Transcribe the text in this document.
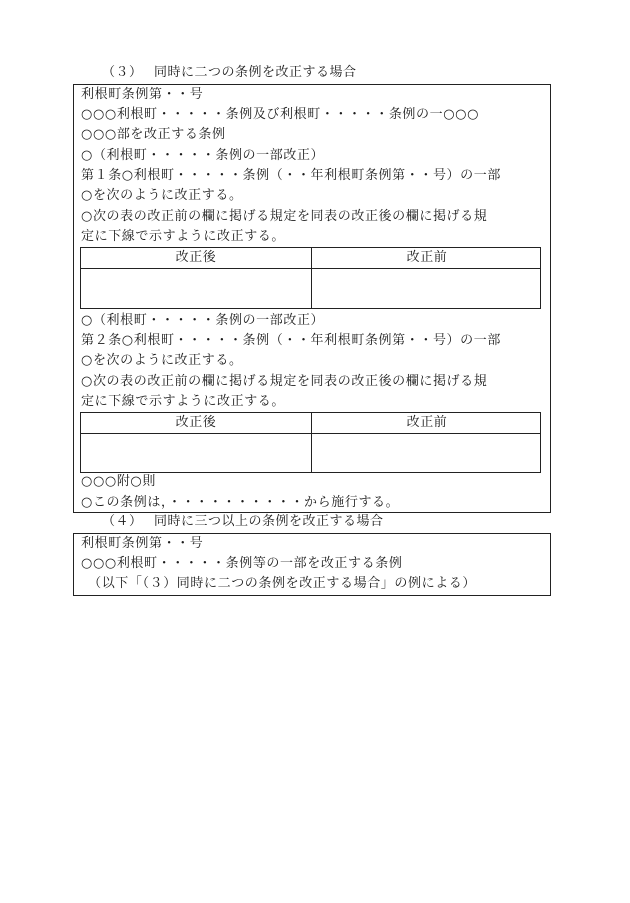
（３） 同時に二つの条例を改正する場合
利根町条例第・・号
○○○利根町・・・・・条例及び利根町・・・・・条例の一○○○
○○○部を改正する条例
○（利根町・・・・・条例の一部改正）
第１条○利根町・・・・・条例（・・年利根町条例第・・号）の一部
○を次のように改正する。
○次の表の改正前の欄に掲げる規定を同表の改正後の欄に掲げる規
定に下線で示すように改正する。
改正後	改正前
○（利根町・・・・・条例の一部改正）
第２条○利根町・・・・・条例（・・年利根町条例第・・号）の一部
○を次のように改正する。
○次の表の改正前の欄に掲げる規定を同表の改正後の欄に掲げる規
定に下線で示すように改正する。
改正後	改正前
○○○附○則
○この条例は，・・・・・・・・・・から施行する。
（４） 同時に三つ以上の条例を改正する場合
利根町条例第・・号
○○○利根町・・・・・条例等の一部を改正する条例
　（以下「（３）同時に二つの条例を改正する場合」の例による）
